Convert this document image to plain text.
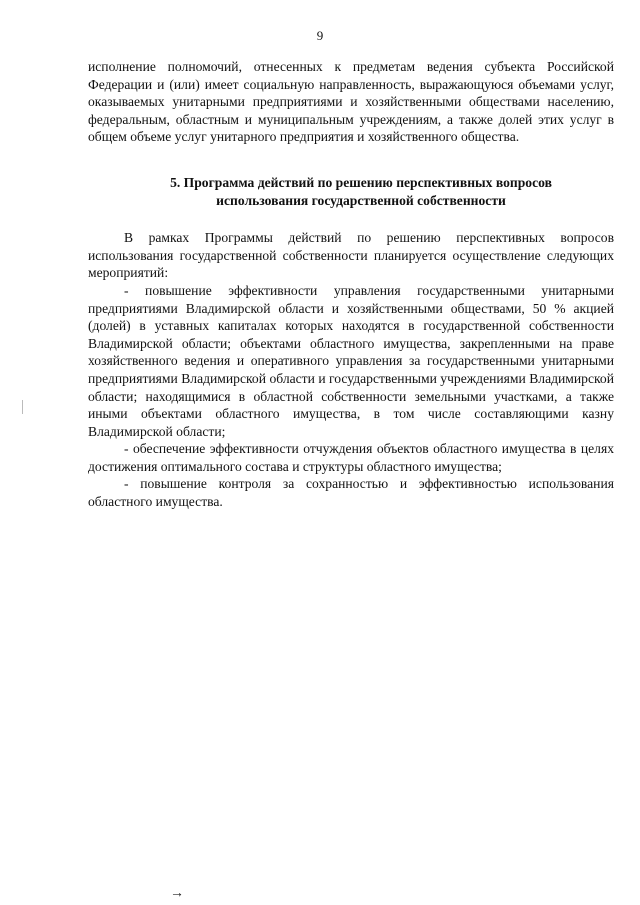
9

исполнение полномочий, отнесенных к предметам ведения субъекта Российской Федерации и (или) имеет социальную направленность, выражающуюся объемами услуг, оказываемых унитарными предприятиями и хозяйственными обществами населению, федеральным, областным и муниципальным учреждениям, а также долей этих услуг в общем объеме услуг унитарного предприятия и хозяйственного общества.

5. Программа действий по решению перспективных вопросов
использования государственной собственности

В рамках Программы действий по решению перспективных вопросов использования государственной собственности планируется осуществление следующих мероприятий:

- повышение эффективности управления государственными унитарными предприятиями Владимирской области и хозяйственными обществами, 50 % акцией (долей) в уставных капиталах которых находятся в государственной собственности Владимирской области; объектами областного имущества, закрепленными на праве хозяйственного ведения и оперативного управления за государственными унитарными предприятиями Владимирской области и государственными учреждениями Владимирской области; находящимися в областной собственности земельными участками, а также иными объектами областного имущества, в том числе составляющими казну Владимирской области;

- обеспечение эффективности отчуждения объектов областного имущества в целях достижения оптимального состава и структуры областного имущества;

- повышение контроля за сохранностью и эффективностью использования областного имущества.

→
